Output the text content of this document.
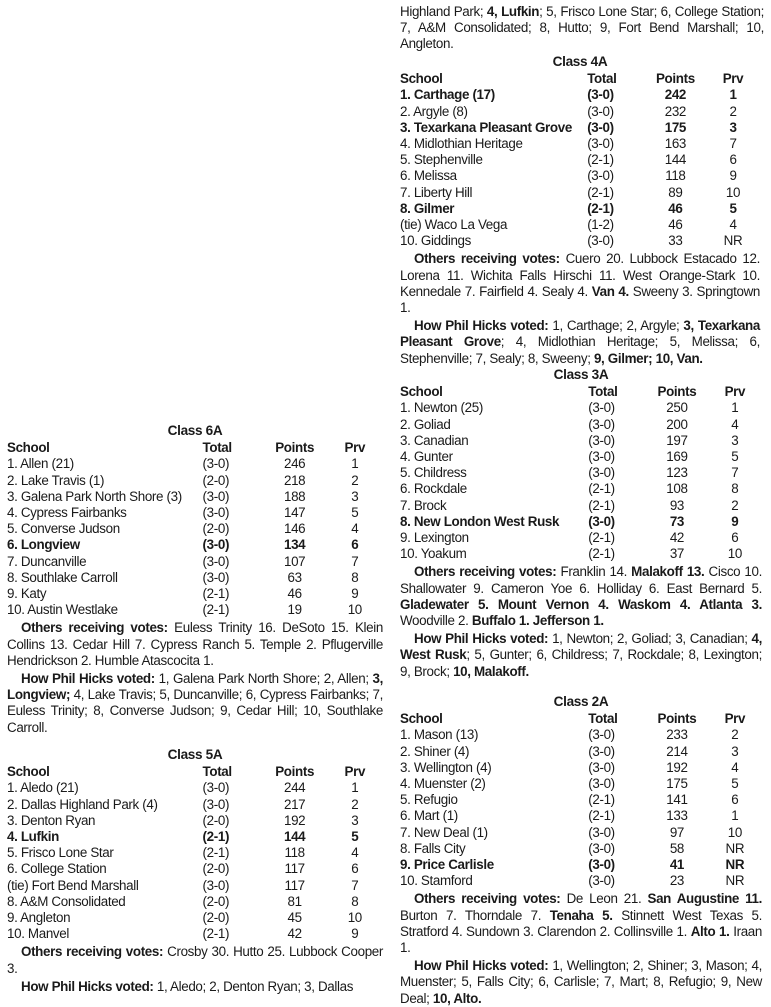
Highland Park; 4, Lufkin; 5, Frisco Lone Star; 6, College Station; 7, A&M Consolidated; 8, Hutto; 9, Fort Bend Marshall; 10, Angleton.

Class 4A
School	Total	Points	Prv
1. Carthage (17)	(3-0)	242	1
2. Argyle (8)	(3-0)	232	2
3. Texarkana Pleasant Grove	(3-0)	175	3
4. Midlothian Heritage	(3-0)	163	7
5. Stephenville	(2-1)	144	6
6. Melissa	(3-0)	118	9
7. Liberty Hill	(2-1)	89	10
8. Gilmer	(2-1)	46	5
(tie) Waco La Vega	(1-2)	46	4
10. Giddings	(3-0)	33	NR

Others receiving votes: Cuero 20. Lubbock Estacado 12. Lorena 11. Wichita Falls Hirschi 11. West Orange-Stark 10. Kennedale 7. Fairfield 4. Sealy 4. Van 4. Sweeny 3. Springtown 1.

How Phil Hicks voted: 1, Carthage; 2, Argyle; 3, Texarkana Pleasant Grove; 4, Midlothian Heritage; 5, Melissa; 6, Stephenville; 7, Sealy; 8, Sweeny; 9, Gilmer; 10, Van.

Class 3A
School	Total	Points	Prv
1. Newton (25)	(3-0)	250	1
2. Goliad	(3-0)	200	4
3. Canadian	(3-0)	197	3
4. Gunter	(3-0)	169	5
5. Childress	(3-0)	123	7
6. Rockdale	(2-1)	108	8
7. Brock	(2-1)	93	2
8. New London West Rusk	(3-0)	73	9
9. Lexington	(2-1)	42	6
10. Yoakum	(2-1)	37	10

Others receiving votes: Franklin 14. Malakoff 13. Cisco 10. Shallowater 9. Cameron Yoe 6. Holliday 6. East Bernard 5. Gladewater 5. Mount Vernon 4. Waskom 4. Atlanta 3. Woodville 2. Buffalo 1. Jefferson 1.

How Phil Hicks voted: 1, Newton; 2, Goliad; 3, Canadian; 4, West Rusk; 5, Gunter; 6, Childress; 7, Rockdale; 8, Lexington; 9, Brock; 10, Malakoff.

Class 2A
School	Total	Points	Prv
1. Mason (13)	(3-0)	233	2
2. Shiner (4)	(3-0)	214	3
3. Wellington (4)	(3-0)	192	4
4. Muenster (2)	(3-0)	175	5
5. Refugio	(2-1)	141	6
6. Mart (1)	(2-1)	133	1
7. New Deal (1)	(3-0)	97	10
8. Falls City	(3-0)	58	NR
9. Price Carlisle	(3-0)	41	NR
10. Stamford	(3-0)	23	NR

Others receiving votes: De Leon 21. San Augustine 11. Burton 7. Thorndale 7. Tenaha 5. Stinnett West Texas 5. Stratford 4. Sundown 3. Clarendon 2. Collinsville 1. Alto 1. Iraan 1.

How Phil Hicks voted: 1, Wellington; 2, Shiner; 3, Mason; 4, Muenster; 5, Falls City; 6, Carlisle; 7, Mart; 8, Refugio; 9, New Deal; 10, Alto.

Class 6A
School	Total	Points	Prv
1. Allen (21)	(3-0)	246	1
2. Lake Travis (1)	(2-0)	218	2
3. Galena Park North Shore (3)	(3-0)	188	3
4. Cypress Fairbanks	(3-0)	147	5
5. Converse Judson	(2-0)	146	4
6. Longview	(3-0)	134	6
7. Duncanville	(3-0)	107	7
8. Southlake Carroll	(3-0)	63	8
9. Katy	(2-1)	46	9
10. Austin Westlake	(2-1)	19	10

Others receiving votes: Euless Trinity 16. DeSoto 15. Klein Collins 13. Cedar Hill 7. Cypress Ranch 5. Temple 2. Pflugerville Hendrickson 2. Humble Atascocita 1.

How Phil Hicks voted: 1, Galena Park North Shore; 2, Allen; 3, Longview; 4, Lake Travis; 5, Duncanville; 6, Cypress Fairbanks; 7, Euless Trinity; 8, Converse Judson; 9, Cedar Hill; 10, Southlake Carroll.

Class 5A
School	Total	Points	Prv
1. Aledo (21)	(3-0)	244	1
2. Dallas Highland Park (4)	(3-0)	217	2
3. Denton Ryan	(2-0)	192	3
4. Lufkin	(2-1)	144	5
5. Frisco Lone Star	(2-1)	118	4
6. College Station	(2-0)	117	6
(tie) Fort Bend Marshall	(3-0)	117	7
8. A&M Consolidated	(2-0)	81	8
9. Angleton	(2-0)	45	10
10. Manvel	(2-1)	42	9

Others receiving votes: Crosby 30. Hutto 25. Lubbock Cooper 3.

How Phil Hicks voted: 1, Aledo; 2, Denton Ryan; 3, Dallas
